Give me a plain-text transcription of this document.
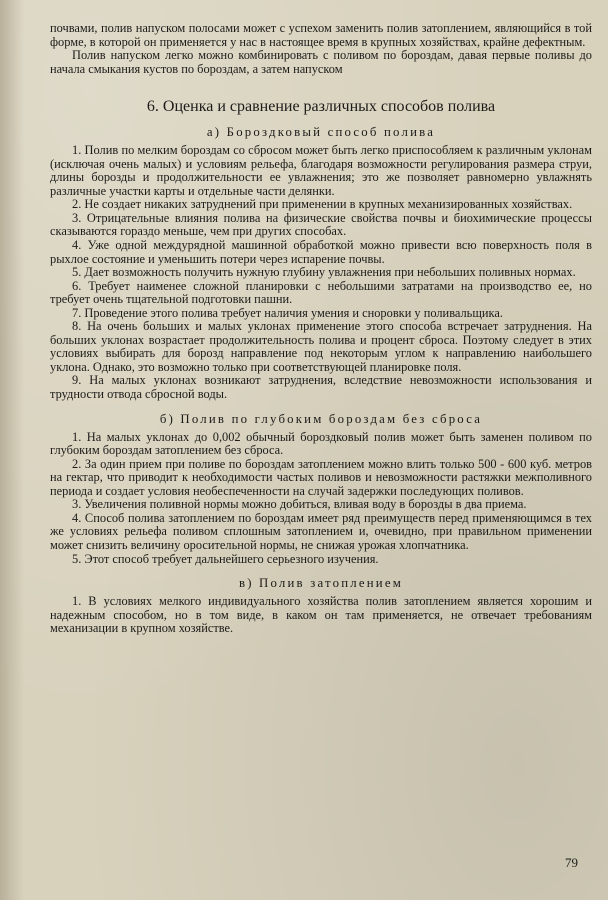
почвами, полив напуском полосами может с успехом заменить полив затоплением, являющийся в той форме, в которой он применяется у нас в настоящее время в крупных хозяйствах, крайне дефектным.

Полив напуском легко можно комбинировать с поливом по бороздам, давая первые поливы до начала смыкания кустов по бороздам, а затем напуском

6. Оценка и сравнение различных способов полива
а) Бороздковый способ полива

1. Полив по мелким бороздам со сбросом может быть легко приспособляем к различным уклонам (исключая очень малых) и условиям рельефа, благодаря возможности регулирования размера струи, длины борозды и продолжительности ее увлажнения; это же позволяет равномерно увлажнять различные участки карты и отдельные части делянки.

2. Не создает никаких затруднений при применении в крупных механизированных хозяйствах.

3. Отрицательные влияния полива на физические свойства почвы и биохимические процессы сказываются гораздо меньше, чем при других способах.

4. Уже одной междурядной машинной обработкой можно привести всю поверхность поля в рыхлое состояние и уменьшить потери через испарение почвы.

5. Дает возможность получить нужную глубину увлажнения при небольших поливных нормах.

6. Требует наименее сложной планировки с небольшими затратами на производство ее, но требует очень тщательной подготовки пашни.

7. Проведение этого полива требует наличия умения и сноровки у поливальщика.

8. На очень больших и малых уклонах применение этого способа встречает затруднения. На больших уклонах возрастает продолжительность полива и процент сброса. Поэтому следует в этих условиях выбирать для борозд направление под некоторым углом к направлению наибольшего уклона. Однако, это возможно только при соответствующей планировке поля.

9. На малых уклонах возникают затруднения, вследствие невозможности использования и трудности отвода сбросной воды.

б) Полив по глубоким бороздам без сброса

1. На малых уклонах до 0,002 обычный бороздковый полив может быть заменен поливом по глубоким бороздам затоплением без сброса.

2. За один прием при поливе по бороздам затоплением можно влить только 500 - 600 куб. метров на гектар, что приводит к необходимости частых поливов и невозможности растяжки межполивного периода и создает условия необеспеченности на случай задержки последующих поливов.

3. Увеличения поливной нормы можно добиться, вливая воду в борозды в два приема.

4. Способ полива затоплением по бороздам имеет ряд преимуществ перед применяющимся в тех же условиях рельефа поливом сплошным затоплением и, очевидно, при правильном применении может снизить величину оросительной нормы, не снижая урожая хлопчатника.

5. Этот способ требует дальнейшего серьезного изучения.

в) Полив затоплением

1. В условиях мелкого индивидуального хозяйства полив затоплением является хорошим и надежным способом, но в том виде, в каком он там применяется, не отвечает требованиям механизации в крупном хозяйстве.

79
